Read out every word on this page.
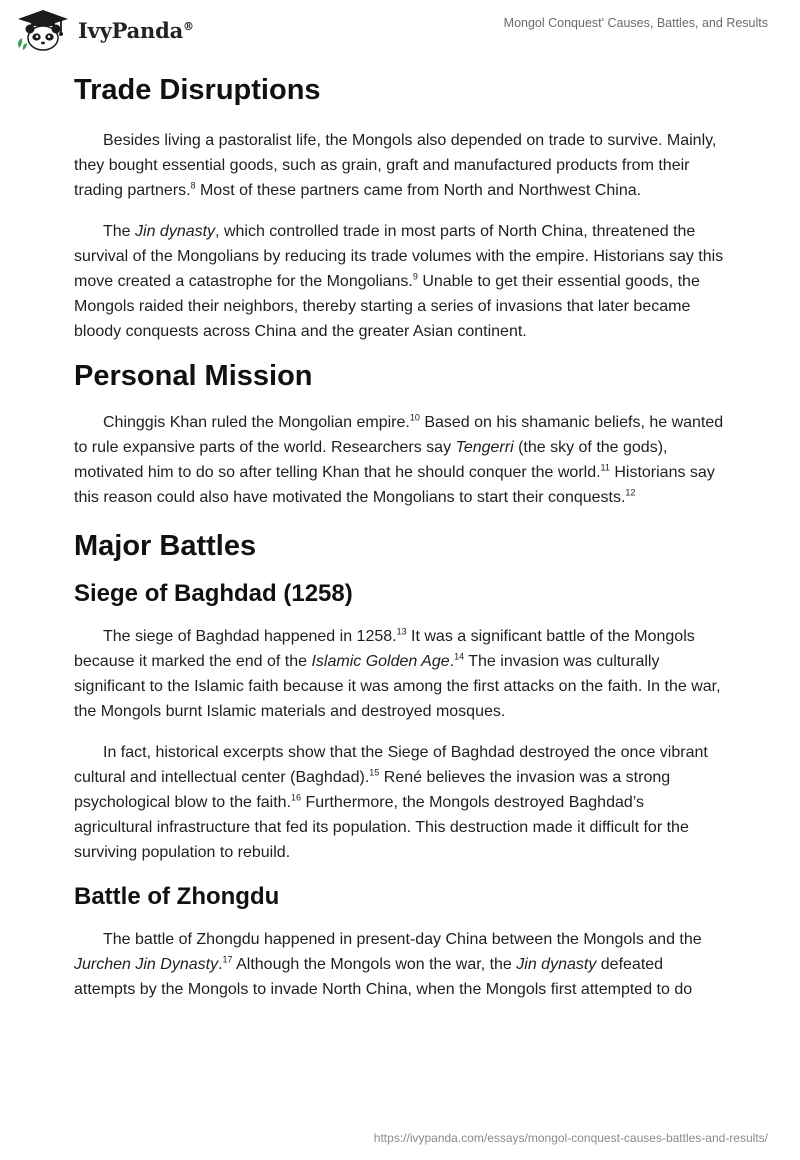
IvyPanda®	Mongol Conquest' Causes, Battles, and Results
Trade Disruptions

Besides living a pastoralist life, the Mongols also depended on trade to survive. Mainly, they bought essential goods, such as grain, graft and manufactured products from their trading partners.$^8$ Most of these partners came from North and Northwest China.

The Jin dynasty, which controlled trade in most parts of North China, threatened the survival of the Mongolians by reducing its trade volumes with the empire. Historians say this move created a catastrophe for the Mongolians.$^9$ Unable to get their essential goods, the Mongols raided their neighbors, thereby starting a series of invasions that later became bloody conquests across China and the greater Asian continent.

Personal Mission

Chinggis Khan ruled the Mongolian empire.$^{10}$ Based on his shamanic beliefs, he wanted to rule expansive parts of the world. Researchers say Tengerri (the sky of the gods), motivated him to do so after telling Khan that he should conquer the world.$^{11}$ Historians say this reason could also have motivated the Mongolians to start their conquests.$^{12}$

Major Battles
Siege of Baghdad (1258)

The siege of Baghdad happened in 1258.13 It was a significant battle of the Mongols because it marked the end of the Islamic Golden Age.$^{14}$ The invasion was culturally significant to the Islamic faith because it was among the first attacks on the faith. In the war, the Mongols burnt Islamic materials and destroyed mosques.

In fact, historical excerpts show that the Siege of Baghdad destroyed the once vibrant cultural and intellectual center (Baghdad).$^{15}$ René believes the invasion was a strong psychological blow to the faith.$^{16}$ Furthermore, the Mongols destroyed Baghdad’s agricultural infrastructure that fed its population. This destruction made it difficult for the surviving population to rebuild.

Battle of Zhongdu

The battle of Zhongdu happened in present-day China between the Mongols and the Jurchen Jin Dynasty.$^{17}$ Although the Mongols won the war, the Jin dynasty defeated attempts by the Mongols to invade North China, when the Mongols first attempted to do

https://ivypanda.com/essays/mongol-conquest-causes-battles-and-results/
